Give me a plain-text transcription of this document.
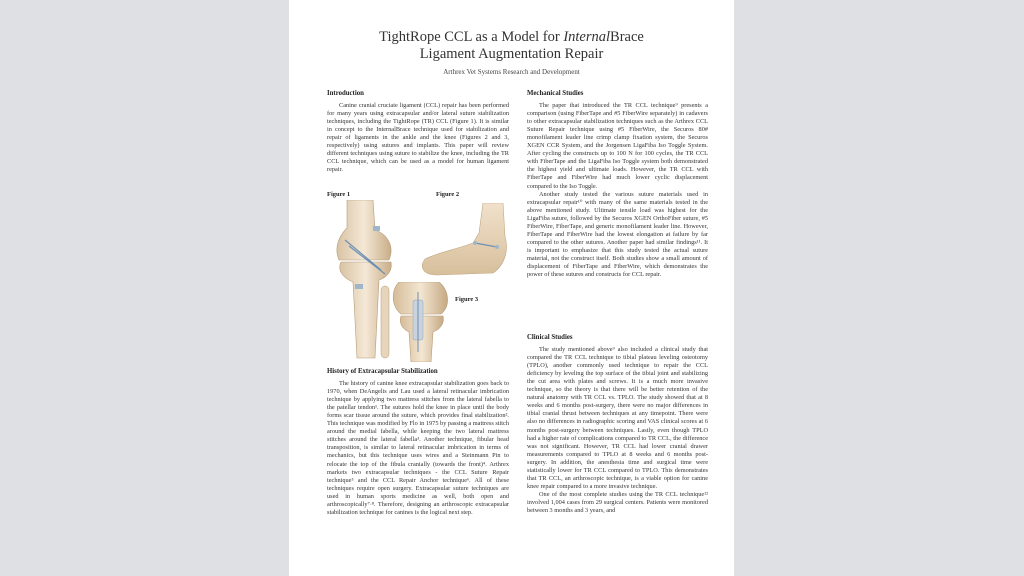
TightRope CCL as a Model for InternalBrace
Ligament Augmentation Repair
Arthrex Vet Systems Research and Development
Introduction

Canine cranial cruciate ligament (CCL) repair has been performed for many years using extracapsular and/or lateral suture stabilization techniques, including the TightRope (TR) CCL (Figure 1). It is similar in concept to the InternalBrace technique used for stabilization and repair of ligaments in the ankle and the knee (Figures 2 and 3, respectively) using sutures and implants. This paper will review different techniques using suture to stabilize the knee, including the TR CCL technique, which can be used as a model for human ligament repair.

Figure 1	Figure 2
Figure 3
History of Extracapsular Stabilization

The history of canine knee extracapsular stabilization goes back to 1970, when DeAngelis and Lau used a lateral retinacular imbrication technique by applying two mattress stitches from the lateral fabella to the patellar tendon¹. The sutures hold the knee in place until the body forms scar tissue around the suture, which provides final stabilization². This technique was modified by Flo in 1975 by passing a mattress stitch around the medial fabella, while keeping the two lateral mattress stitches around the lateral fabella³. Another technique, fibular head transposition, is similar to lateral retinacular imbrication in terms of mechanics, but this technique uses wires and a Steinmann Pin to relocate the top of the fibula cranially (towards the front)⁴. Arthrex markets two extracapsular techniques - the CCL Suture Repair technique⁵ and the CCL Repair Anchor technique⁶. All of these techniques require open surgery. Extracapsular suture techniques are used in human sports medicine as well, both open and arthroscopically⁷·⁸. Therefore, designing an arthroscopic extracapsular stabilization technique for canines is the logical next step.

Mechanical Studies

The paper that introduced the TR CCL technique⁹ presents a comparison (using FiberTape and #5 FiberWire separately) in cadavers to other extracapsular stabilization techniques such as the Arthrex CCL Suture Repair technique using #5 FiberWire, the Securos 80# monofilament leader line crimp clamp fixation system, the Securos XGEN CCR System, and the Jorgensen LigaFiba Iso Toggle System. After cycling the constructs up to 100 N for 100 cycles, the TR CCL with FiberTape and the LigaFiba Iso Toggle system both demonstrated the highest yield and ultimate loads. However, the TR CCL with FiberTape and FiberWire had much lower cyclic displacement compared to the Iso Toggle.

Another study tested the various suture materials used in extracapsular repair¹⁰ with many of the same materials tested in the above mentioned study. Ultimate tensile load was highest for the LigaFiba suture, followed by the Securos XGEN OrthoFiber suture, #5 FiberWire, FiberTape, and generic monofilament leader line. However, FiberTape and FiberWire had the lowest elongation at failure by far compared to the other sutures. Another paper had similar findings¹¹. It is important to emphasize that this study tested the actual suture material, not the construct itself. Both studies show a small amount of displacement of FiberTape and FiberWire, which demonstrates the power of these sutures and constructs for CCL repair.

Clinical Studies

The study mentioned above⁹ also included a clinical study that compared the TR CCL technique to tibial plateau leveling osteotomy (TPLO), another commonly used technique to repair the CCL deficiency by leveling the top surface of the tibial joint and stabilizing the cut area with plates and screws. It is a much more invasive technique, so the theory is that there will be better retention of the natural anatomy with TR CCL vs. TPLO. The study showed that at 8 weeks and 6 months post-surgery, there were no major differences in tibial cranial thrust between techniques at any timepoint. There were also no differences in radiographic scoring and VAS clinical scores at 6 months post-surgery between techniques. Lastly, even though TPLO had a higher rate of complications compared to TR CCL, the difference was not significant. However, TR CCL had lower cranial drawer measurements compared to TPLO at 8 weeks and 6 months post-surgery. In addition, the anesthesia time and surgical time were statistically lower for TR CCL compared to TPLO. This demonstrates that TR CCL, an arthroscopic technique, is a viable option for canine knee repair compared to a more invasive technique.

One of the most complete studies using the TR CCL technique¹² involved 1,004 cases from 29 surgical centers. Patients were monitored between 3 months and 3 years, and
